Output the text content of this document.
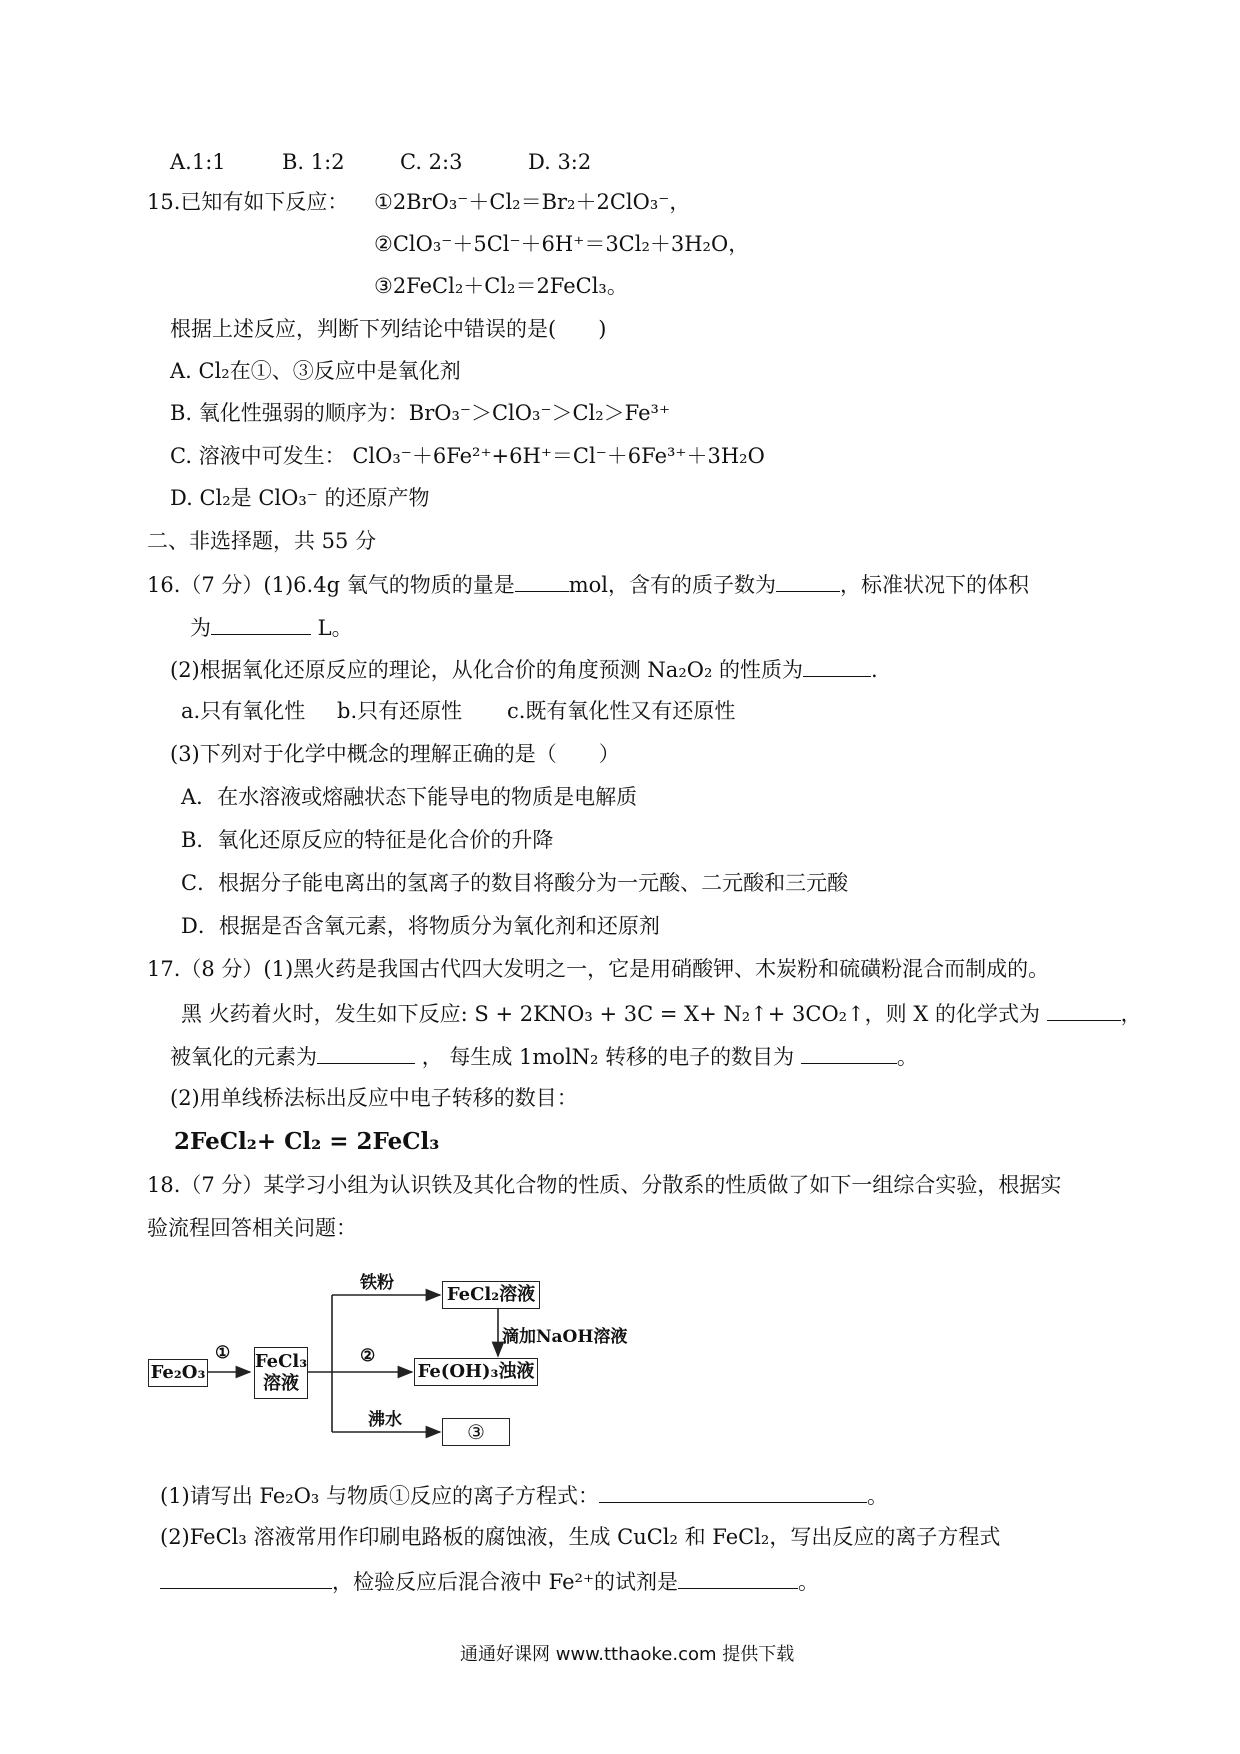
A.1:1	B. 1:2	C. 2:3	D. 3:2
15.已知有如下反应： ①2BrO₃⁻＋Cl₂＝Br₂＋2ClO₃⁻，
②ClO₃⁻＋5Cl⁻＋6H⁺＝3Cl₂＋3H₂O，
③2FeCl₂＋Cl₂＝2FeCl₃。
根据上述反应，判断下列结论中错误的是(　　)
A. Cl₂在①、③反应中是氧化剂
B. 氧化性强弱的顺序为：BrO₃⁻＞ClO₃⁻＞Cl₂＞Fe³⁺
C. 溶液中可发生： ClO₃⁻＋6Fe²⁺+6H⁺＝Cl⁻＋6Fe³⁺＋3H₂O
D. Cl₂是 ClO₃⁻ 的还原产物
二、非选择题，共 55 分
16.（7 分）(1)6.4g 氧气的物质的量是	mol，含有的质子数为	，标准状况下的体积
为	L。
(2)根据氧化还原反应的理论，从化合价的角度预测 Na₂O₂ 的性质为	.
a.只有氧化性 b.只有还原性 c.既有氧化性又有还原性
(3)下列对于化学中概念的理解正确的是（　　）
A．在水溶液或熔融状态下能导电的物质是电解质
B．氧化还原反应的特征是化合价的升降
C．根据分子能电离出的氢离子的数目将酸分为一元酸、二元酸和三元酸
D．根据是否含氧元素，将物质分为氧化剂和还原剂
17.（8 分）(1)黑火药是我国古代四大发明之一，它是用硝酸钾、木炭粉和硫磺粉混合而制成的。
黑 火药着火时，发生如下反应: S + 2KNO₃ + 3C = X+ N₂↑+ 3CO₂↑，则 X 的化学式为	，
被氧化的元素为	， 每生成 1molN₂ 转移的电子的数目为	。
(2)用单线桥法标出反应中电子转移的数目：
2FeCl₂+ Cl₂ = 2FeCl₃
18.（7 分）某学习小组为认识铁及其化合物的性质、分散系的性质做了如下一组综合实验，根据实
验流程回答相关问题：
Fe₂O₃
① FeCl₃
溶液
铁粉
FeCl₂溶液
滴加NaOH溶液
②
Fe(OH)₃浊液
沸水	③
(1)请写出 Fe₂O₃ 与物质①反应的离子方程式：	。
(2)FeCl₃ 溶液常用作印刷电路板的腐蚀液，生成 CuCl₂ 和 FeCl₂，写出反应的离子方程式
，检验反应后混合液中 Fe²⁺的试剂是	。
通通好课网 www.tthaoke.com 提供下载
